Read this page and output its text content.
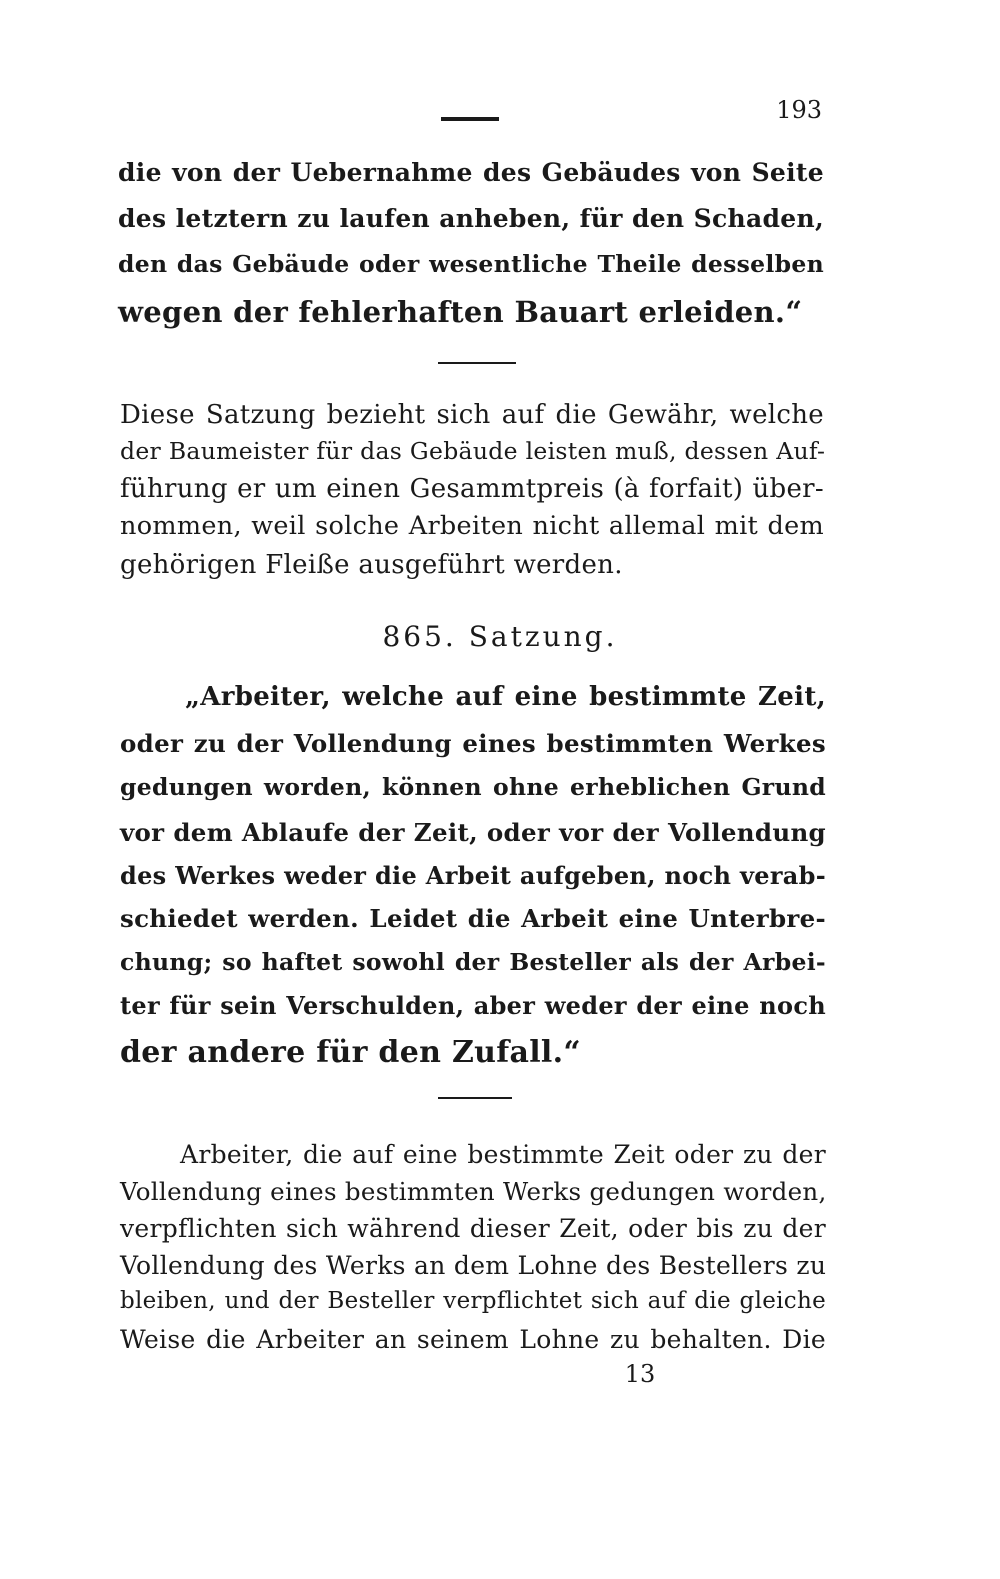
193
die von der Uebernahme des Gebäudes von Seite
des letztern zu laufen anheben, für den Schaden,
den das Gebäude oder wesentliche Theile desselben
wegen der fehlerhaften Bauart erleiden.“
Diese Satzung bezieht sich auf die Gewähr, welche
der Baumeister für das Gebäude leisten muß, dessen Auf-
führung er um einen Gesammtpreis (à forfait) über-
nommen, weil solche Arbeiten nicht allemal mit dem
gehörigen Fleiße ausgeführt werden.
865. Satzung.
„Arbeiter, welche auf eine bestimmte Zeit,
oder zu der Vollendung eines bestimmten Werkes
gedungen worden, können ohne erheblichen Grund
vor dem Ablaufe der Zeit, oder vor der Vollendung
des Werkes weder die Arbeit aufgeben, noch verab-
schiedet werden. Leidet die Arbeit eine Unterbre-
chung; so haftet sowohl der Besteller als der Arbei-
ter für sein Verschulden, aber weder der eine noch
der andere für den Zufall.“
Arbeiter, die auf eine bestimmte Zeit oder zu der
Vollendung eines bestimmten Werks gedungen worden,
verpflichten sich während dieser Zeit, oder bis zu der
Vollendung des Werks an dem Lohne des Bestellers zu
bleiben, und der Besteller verpflichtet sich auf die gleiche
Weise die Arbeiter an seinem Lohne zu behalten. Die
13
